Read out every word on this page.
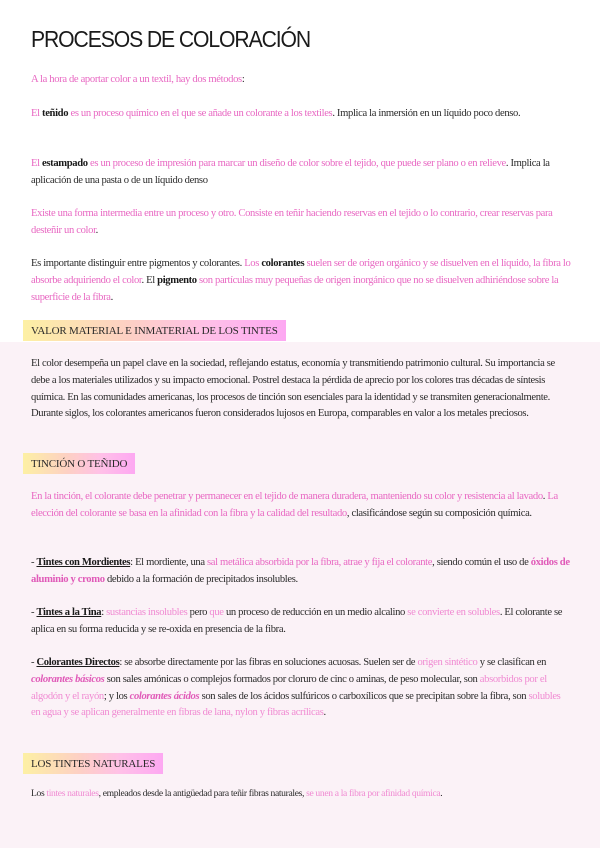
PROCESOS DE COLORACIÓN
A la hora de aportar color a un textil, hay dos métodos:
El teñido es un proceso químico en el que se añade un colorante a los textiles. Implica la inmersión en un líquido poco denso.
El estampado es un proceso de impresión para marcar un diseño de color sobre el tejido, que puede ser plano o en relieve. Implica la aplicación de una pasta o de un líquido denso
Existe una forma intermedia entre un proceso y otro. Consiste en teñir haciendo reservas en el tejido o lo contrario, crear reservas para desteñir un color.
Es importante distinguir entre pigmentos y colorantes. Los colorantes suelen ser de origen orgánico y se disuelven en el líquido, la fibra lo absorbe adquiriendo el color. El pigmento son partículas muy pequeñas de origen inorgánico que no se disuelven adhiriéndose sobre la superficie de la fibra.
VALOR MATERIAL E INMATERIAL DE LOS TINTES
El color desempeña un papel clave en la sociedad, reflejando estatus, economía y transmitiendo patrimonio cultural. Su importancia se debe a los materiales utilizados y su impacto emocional. Postrel destaca la pérdida de aprecio por los colores tras décadas de síntesis química. En las comunidades americanas, los procesos de tinción son esenciales para la identidad y se transmiten generacionalmente. Durante siglos, los colorantes americanos fueron considerados lujosos en Europa, comparables en valor a los metales preciosos.
TINCIÓN O TEÑIDO
En la tinción, el colorante debe penetrar y permanecer en el tejido de manera duradera, manteniendo su color y resistencia al lavado. La elección del colorante se basa en la afinidad con la fibra y la calidad del resultado, clasificándose según su composición química.
- Tintes con Mordientes: El mordiente, una sal metálica absorbida por la fibra, atrae y fija el colorante, siendo común el uso de óxidos de aluminio y cromo debido a la formación de precipitados insolubles.
- Tintes a la Tina: sustancias insolubles pero que un proceso de reducción en un medio alcalino se convierte en solubles. El colorante se aplica en su forma reducida y se re-oxida en presencia de la fibra.
- Colorantes Directos: se absorbe directamente por las fibras en soluciones acuosas. Suelen ser de origen sintético y se clasifican en colorantes básicos son sales amónicas o complejos formados por cloruro de cinc o aminas, de peso molecular, son absorbidos por el algodón y el rayón; y los colorantes ácidos son sales de los ácidos sulfúricos o carboxílicos que se precipitan sobre la fibra, son solubles en agua y se aplican generalmente en fibras de lana, nylon y fibras acrílicas.
LOS TINTES NATURALES
Los tintes naturales, empleados desde la antigüedad para teñir fibras naturales, se unen a la fibra por afinidad química.
